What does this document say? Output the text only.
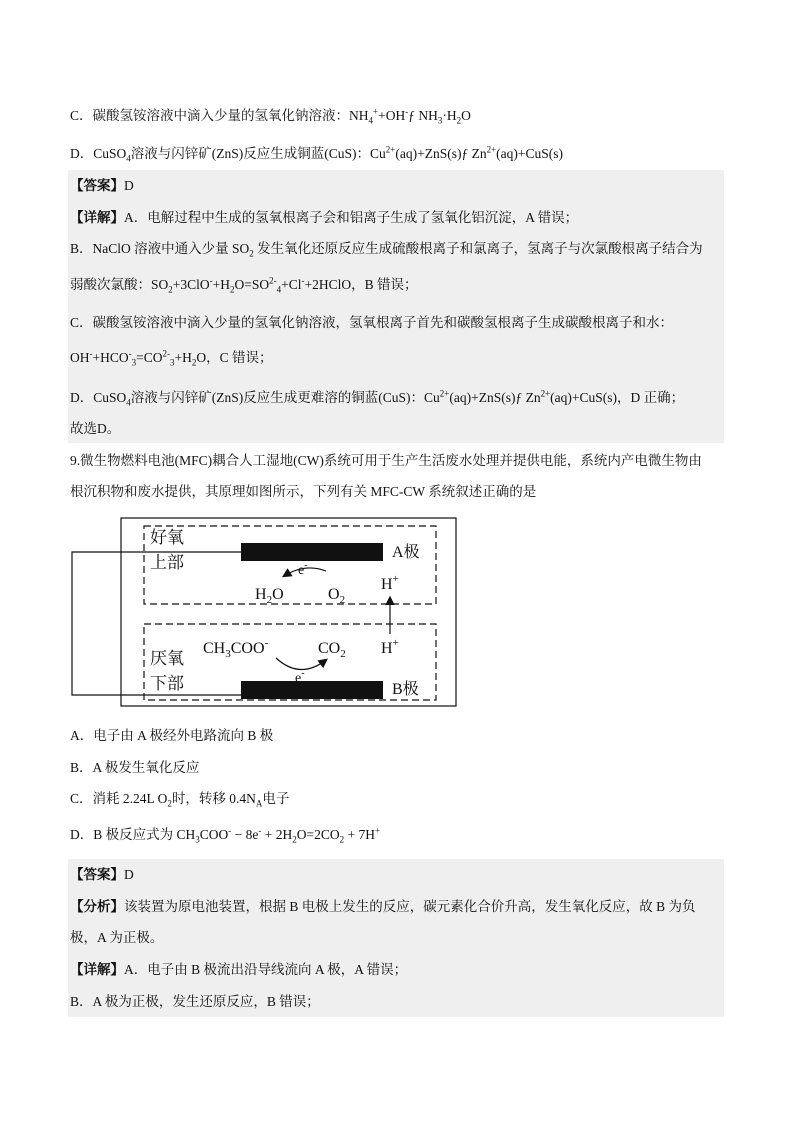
C．碳酸氢铵溶液中滴入少量的氢氧化钠溶液：$NH_4^++OH^-ƒ$ $NH_3\cdot H_2O$
D．CuSO$_4$溶液与闪锌矿(ZnS)反应生成铜蓝(CuS)：$Cu^{2+}(aq)+ZnS(s)ƒ$ $Zn^{2+}(aq)+CuS(s)$
【答案】D
【详解】A．电解过程中生成的氢氧根离子会和铝离子生成了氢氧化铝沉淀，A 错误；
B．NaClO 溶液中通入少量 $SO_2$ 发生氧化还原反应生成硫酸根离子和氯离子，氢离子与次氯酸根离子结合为
弱酸次氯酸：$SO_2+3ClO^-+H_2O=SO^{2-}_4+Cl^-+2HClO$，B 错误；
C．碳酸氢铵溶液中滴入少量的氢氧化钠溶液，氢氧根离子首先和碳酸氢根离子生成碳酸根离子和水：
$OH^-+HCO^-_3=CO^{2-}_3+H_2O$，C 错误；
D．CuSO$_4$溶液与闪锌矿(ZnS)反应生成更难溶的铜蓝(CuS)：$Cu^{2+}(aq)+ZnS(s)ƒ$ $Zn^{2+}(aq)+CuS(s)$，D 正确；
故选D。
9.微生物燃料电池(MFC)耦合人工湿地(CW)系统可用于生产生活废水处理并提供电能，系统内产电微生物由
根沉积物和废水提供，其原理如图所示，下列有关 MFC-CW 系统叙述正确的是
好氧
上部
厌氧
下部
A极
B极
$H_2O$	$O_2$
e-
H+
$CH_3COO^-$	$CO_2$ H+
e-
A．电子由 A 极经外电路流向 B 极
B．A 极发生氧化反应
C．消耗 2.24L $O_2$时，转移 $0.4N_A$电子
D．B 极反应式为 $CH_3COO^- - 8e^- + 2H_2O=2CO_2 + 7H^+$
【答案】D
【分析】该装置为原电池装置，根据 B 电极上发生的反应，碳元素化合价升高，发生氧化反应，故 B 为负
极，A 为正极。
【详解】A．电子由 B 极流出沿导线流向 A 极，A 错误；
B．A 极为正极，发生还原反应，B 错误；
